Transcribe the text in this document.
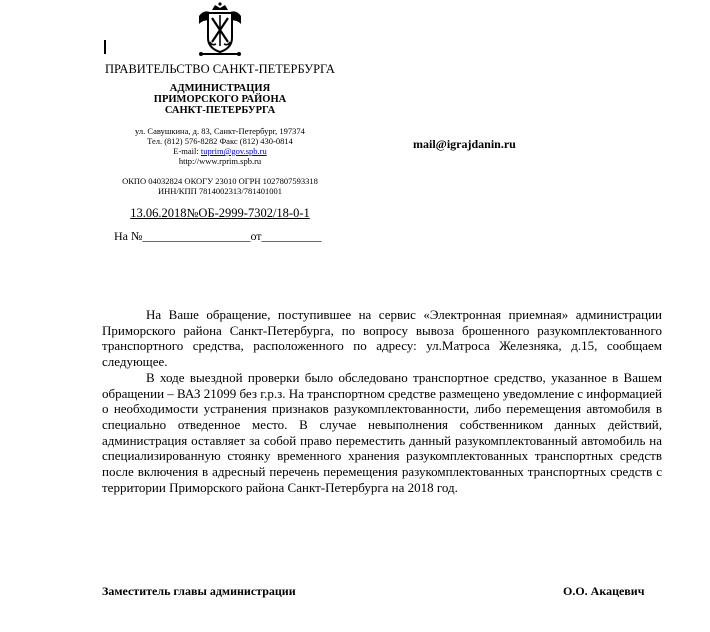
ПРАВИТЕЛЬСТВО САНКТ-ПЕТЕРБУРГА
АДМИНИСТРАЦИЯ
ПРИМОРСКОГО РАЙОНА
САНКТ-ПЕТЕРБУРГА
ул. Савушкина, д. 83, Санкт-Петербург, 197374
Тел. (812) 576-8282 Факс (812) 430-0814
E-mail: tuprim@gov.spb.ru
http://www.rprim.spb.ru
ОКПО 04032824 ОКОГУ 23010 ОГРН 1027807593318
ИНН/КПП 7814002313/781401001
13.06.2018№ОБ-2999-7302/18-0-1
На №__________________от__________
mail@igrajdanin.ru

На Ваше обращение, поступившее на сервис «Электронная приемная» администрации Приморского района Санкт-Петербурга, по вопросу вывоза брошенного разукомплектованного транспортного средства, расположенного по адресу: ул.Матроса Железняка, д.15, сообщаем следующее.

В ходе выездной проверки было обследовано транспортное средство, указанное в Вашем обращении – ВАЗ 21099 без г.р.з. На транспортном средстве размещено уведомление с информацией о необходимости устранения признаков разукомплектованности, либо перемещения автомобиля в специально отведенное место. В случае невыполнения собственником данных действий, администрация оставляет за собой право переместить данный разукомплектованный автомобиль на специализированную стоянку временного хранения разукомплектованных транспортных средств после включения в адресный перечень перемещения разукомплектованных транспортных средств с территории Приморского района Санкт-Петербурга на 2018 год.

Заместитель главы администрации	О.О. Акацевич
